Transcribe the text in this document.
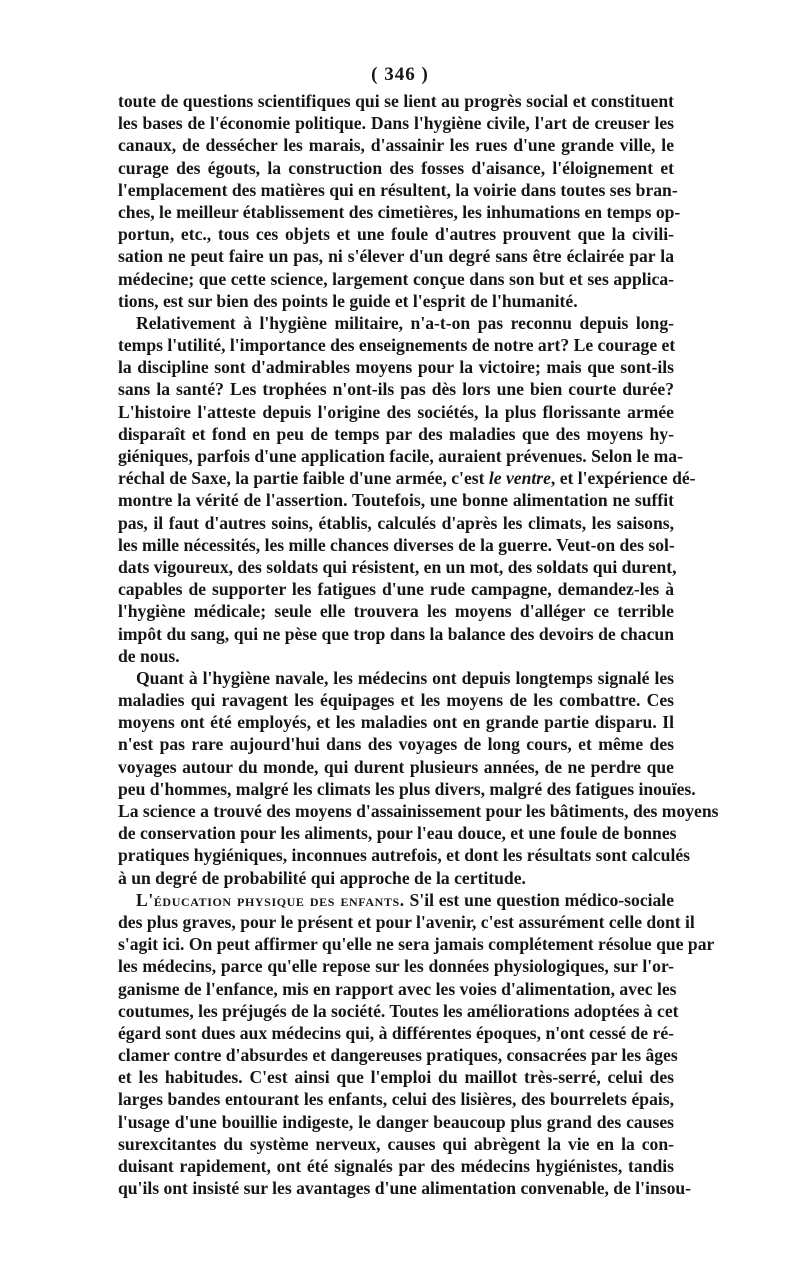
( 346 )
toute de questions scientifiques qui se lient au progrès social et constituent
les bases de l'économie politique. Dans l'hygiène civile, l'art de creuser les
canaux, de dessécher les marais, d'assainir les rues d'une grande ville, le
curage des égouts, la construction des fosses d'aisance, l'éloignement et
l'emplacement des matières qui en résultent, la voirie dans toutes ses bran-
ches, le meilleur établissement des cimetières, les inhumations en temps op-
portun, etc., tous ces objets et une foule d'autres prouvent que la civili-
sation ne peut faire un pas, ni s'élever d'un degré sans être éclairée par la
médecine; que cette science, largement conçue dans son but et ses applica-
tions, est sur bien des points le guide et l'esprit de l'humanité.
Relativement à l'hygiène militaire, n'a-t-on pas reconnu depuis long-
temps l'utilité, l'importance des enseignements de notre art? Le courage et
la discipline sont d'admirables moyens pour la victoire; mais que sont-ils
sans la santé? Les trophées n'ont-ils pas dès lors une bien courte durée?
L'histoire l'atteste depuis l'origine des sociétés, la plus florissante armée
disparaît et fond en peu de temps par des maladies que des moyens hy-
giéniques, parfois d'une application facile, auraient prévenues. Selon le ma-
réchal de Saxe, la partie faible d'une armée, c'est le ventre, et l'expérience dé-
montre la vérité de l'assertion. Toutefois, une bonne alimentation ne suffit
pas, il faut d'autres soins, établis, calculés d'après les climats, les saisons,
les mille nécessités, les mille chances diverses de la guerre. Veut-on des sol-
dats vigoureux, des soldats qui résistent, en un mot, des soldats qui durent,
capables de supporter les fatigues d'une rude campagne, demandez-les à
l'hygiène médicale; seule elle trouvera les moyens d'alléger ce terrible
impôt du sang, qui ne pèse que trop dans la balance des devoirs de chacun
de nous.
Quant à l'hygiène navale, les médecins ont depuis longtemps signalé les
maladies qui ravagent les équipages et les moyens de les combattre. Ces
moyens ont été employés, et les maladies ont en grande partie disparu. Il
n'est pas rare aujourd'hui dans des voyages de long cours, et même des
voyages autour du monde, qui durent plusieurs années, de ne perdre que
peu d'hommes, malgré les climats les plus divers, malgré des fatigues inouïes.
La science a trouvé des moyens d'assainissement pour les bâtiments, des moyens
de conservation pour les aliments, pour l'eau douce, et une foule de bonnes
pratiques hygiéniques, inconnues autrefois, et dont les résultats sont calculés
à un degré de probabilité qui approche de la certitude.
L'éducation physique des enfants. S'il est une question médico-sociale
des plus graves, pour le présent et pour l'avenir, c'est assurément celle dont il
s'agit ici. On peut affirmer qu'elle ne sera jamais complétement résolue que par
les médecins, parce qu'elle repose sur les données physiologiques, sur l'or-
ganisme de l'enfance, mis en rapport avec les voies d'alimentation, avec les
coutumes, les préjugés de la société. Toutes les améliorations adoptées à cet
égard sont dues aux médecins qui, à différentes époques, n'ont cessé de ré-
clamer contre d'absurdes et dangereuses pratiques, consacrées par les âges
et les habitudes. C'est ainsi que l'emploi du maillot très-serré, celui des
larges bandes entourant les enfants, celui des lisières, des bourrelets épais,
l'usage d'une bouillie indigeste, le danger beaucoup plus grand des causes
surexcitantes du système nerveux, causes qui abrègent la vie en la con-
duisant rapidement, ont été signalés par des médecins hygiénistes, tandis
qu'ils ont insisté sur les avantages d'une alimentation convenable, de l'insou-
